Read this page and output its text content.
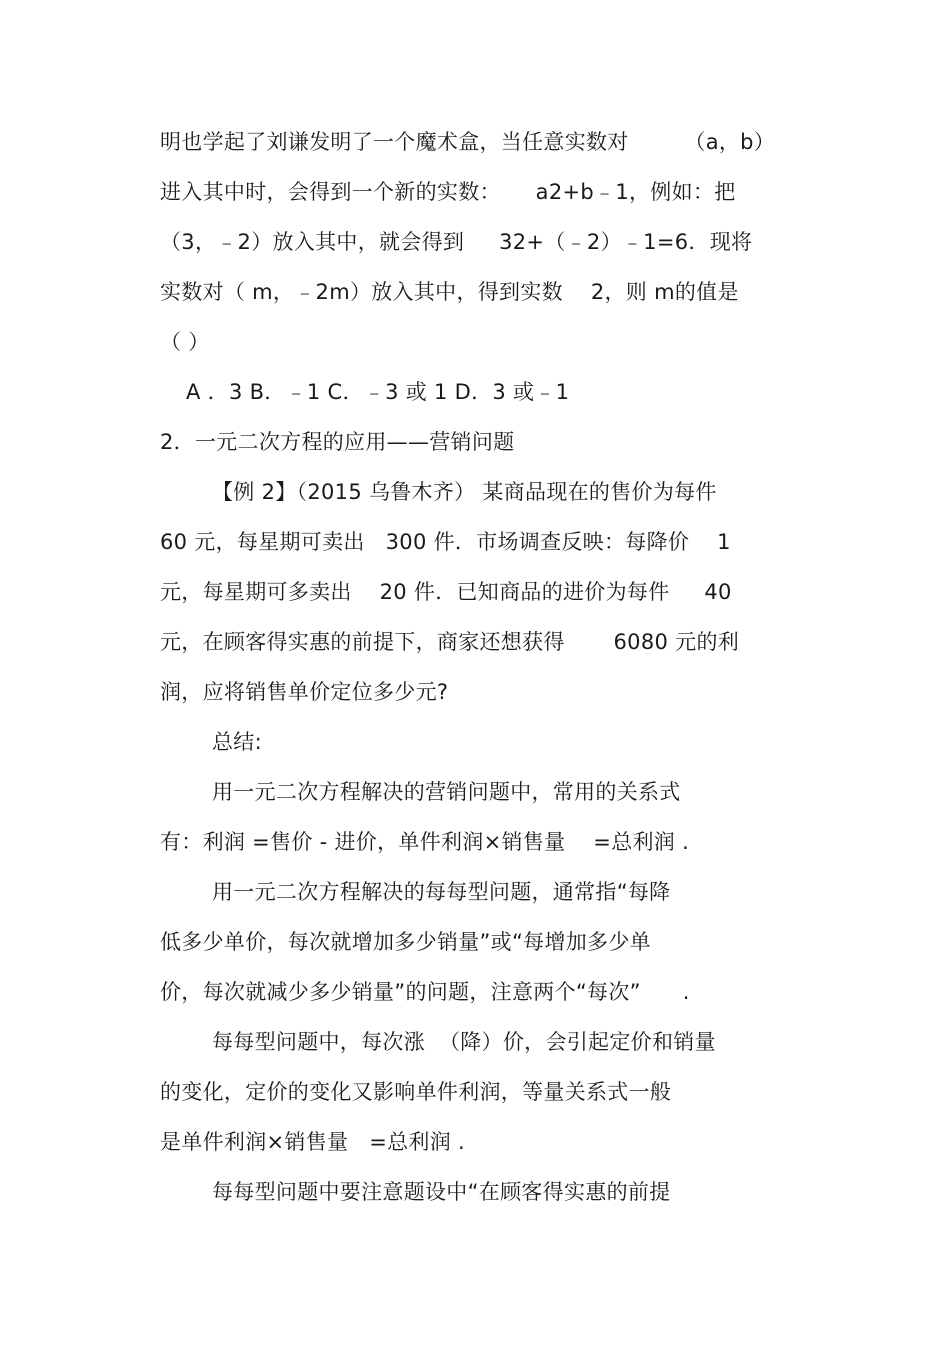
明也学起了刘谦发明了一个魔术盒，当任意实数对        （a，b）
进入其中时，会得到一个新的实数：     a2+b﹣1，例如：把
（3，﹣2）放入其中，就会得到     32+（﹣2）﹣1=6．现将
实数对（ m，﹣2m）放入其中，得到实数    2，则 m的值是
（ ）
A ．3 B．﹣1 C．﹣3 或 1 D．3 或﹣1
2．一元二次方程的应用——营销问题
【例 2】（2015 乌鲁木齐） 某商品现在的售价为每件
60 元，每星期可卖出   300 件．市场调查反映：每降价    1
元，每星期可多卖出    20 件．已知商品的进价为每件     40
元，在顾客得实惠的前提下，商家还想获得       6080 元的利
润，应将销售单价定位多少元?
总结:
用一元二次方程解决的营销问题中，常用的关系式
有：利润 =售价 - 进价，单件利润×销售量    =总利润 .
用一元二次方程解决的每每型问题，通常指“每降
低多少单价，每次就增加多少销量”或“每增加多少单
价，每次就减少多少销量”的问题，注意两个“每次”      .
每每型问题中，每次涨  （降）价，会引起定价和销量
的变化，定价的变化又影响单件利润，等量关系式一般
是单件利润×销售量   =总利润 .
每每型问题中要注意题设中“在顾客得实惠的前提
